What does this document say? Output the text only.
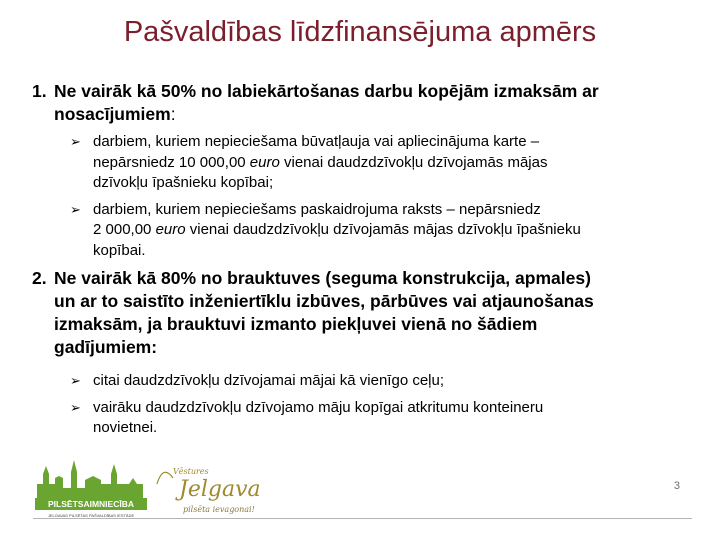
Pašvaldības līdzfinansējuma apmērs
1. Ne vairāk kā 50% no labiekārtošanas darbu kopējām izmaksām ar
nosacījumiem:
➢ darbiem, kuriem nepieciešama būvatļauja vai apliecinājuma karte –
nepārsniedz 10 000,00 euro vienai daudzdzīvokļu dzīvojamās mājas
dzīvokļu īpašnieku kopībai;
➢ darbiem, kuriem nepieciešams paskaidrojuma raksts – nepārsniedz
2 000,00 euro vienai daudzdzīvokļu dzīvojamās mājas dzīvokļu īpašnieku
kopībai.
2. Ne vairāk kā 80% no brauktuves (seguma konstrukcija, apmales)
un ar to saistīto inženiertīklu izbūves, pārbūves vai atjaunošanas
izmaksām, ja brauktuvi izmanto piekļuvei vienā no šādiem
gadījumiem:
➢ citai daudzdzīvokļu dzīvojamai mājai kā vienīgo ceļu;
➢ vairāku daudzdzīvokļu dzīvojamo māju kopīgai atkritumu konteineru
novietnei.
PILSĒTSAIMNIECĪBA
JELGAVAS PILSĒTAS PAŠVALDĪBAS IESTĀDE
Vēstures
Jelgava
pilsēta ievagonai!
3
